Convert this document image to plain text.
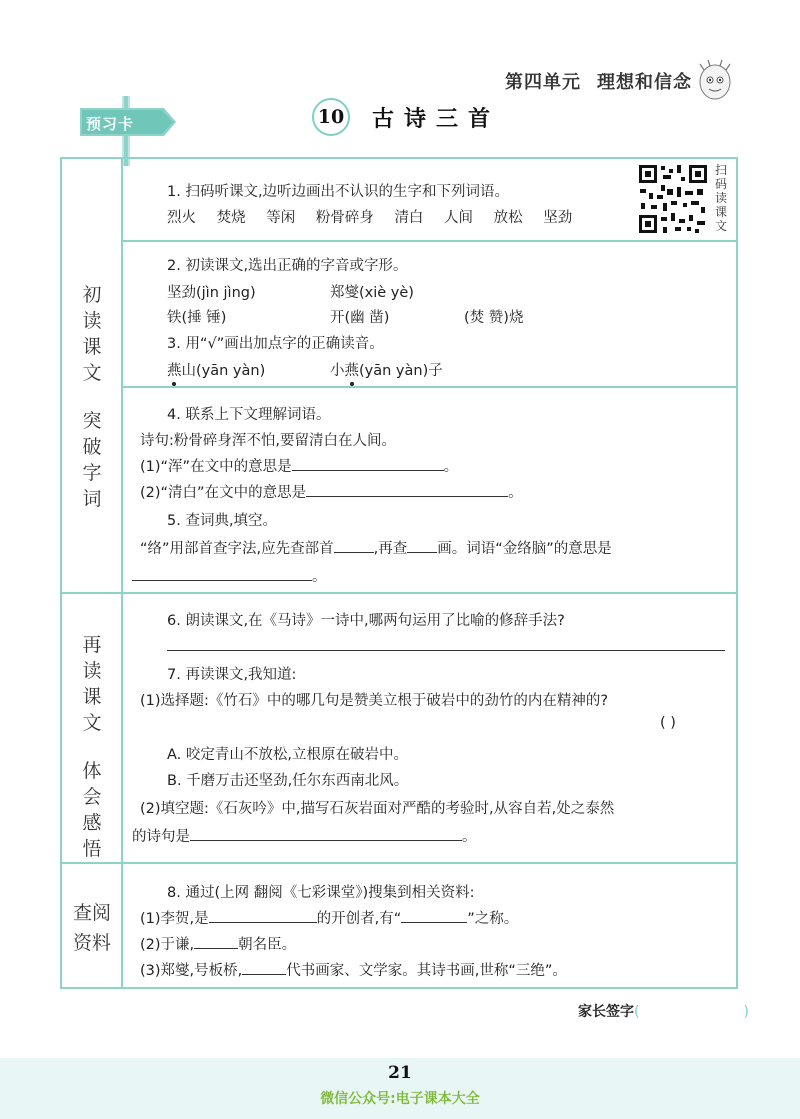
第四单元 理想和信念
预习卡	10 古诗三首
初
读
课
文
突
破
字
词
再
读
课
文
体
会
感
悟
查阅
资料
扫
码
读
课
文
1. 扫码听课文,边听边画出不认识的生字和下列词语。
烈火 焚烧 等闲 粉骨碎身 清白 人间 放松 坚劲
2. 初读课文,选出正确的字音或字形。
坚劲(jìn jìng)	郑燮(xiè yè)
铁(捶 锤)	开(幽 凿)	(焚 赞)烧
3. 用“√”画出加点字的正确读音。
燕山(yān yàn)	小燕(yān yàn)子
4. 联系上下文理解词语。
诗句:粉骨碎身浑不怕,要留清白在人间。
(1)“浑”在文中的意思是	。
(2)“清白”在文中的意思是	。
5. 查词典,填空。
“络”用部首查字法,应先查部首	,再查 画。词语“金络脑”的意思是
。
6. 朗读课文,在《马诗》一诗中,哪两句运用了比喻的修辞手法?
7. 再读课文,我知道:
(1)选择题:《竹石》中的哪几句是赞美立根于破岩中的劲竹的内在精神的?
( )
A. 咬定青山不放松,立根原在破岩中。
B. 千磨万击还坚劲,任尔东西南北风。
(2)填空题:《石灰吟》中,描写石灰岩面对严酷的考验时,从容自若,处之泰然
的诗句是	。
8. 通过(上网 翻阅《七彩课堂》)搜集到相关资料:
(1)李贺,是	的开创者,有“	”之称。
(2)于谦,	朝名臣。
(3)郑燮,号板桥,	代书画家、文学家。其诗书画,世称“三绝”。
家长签字(	)
21
微信公众号:电子课本大全
